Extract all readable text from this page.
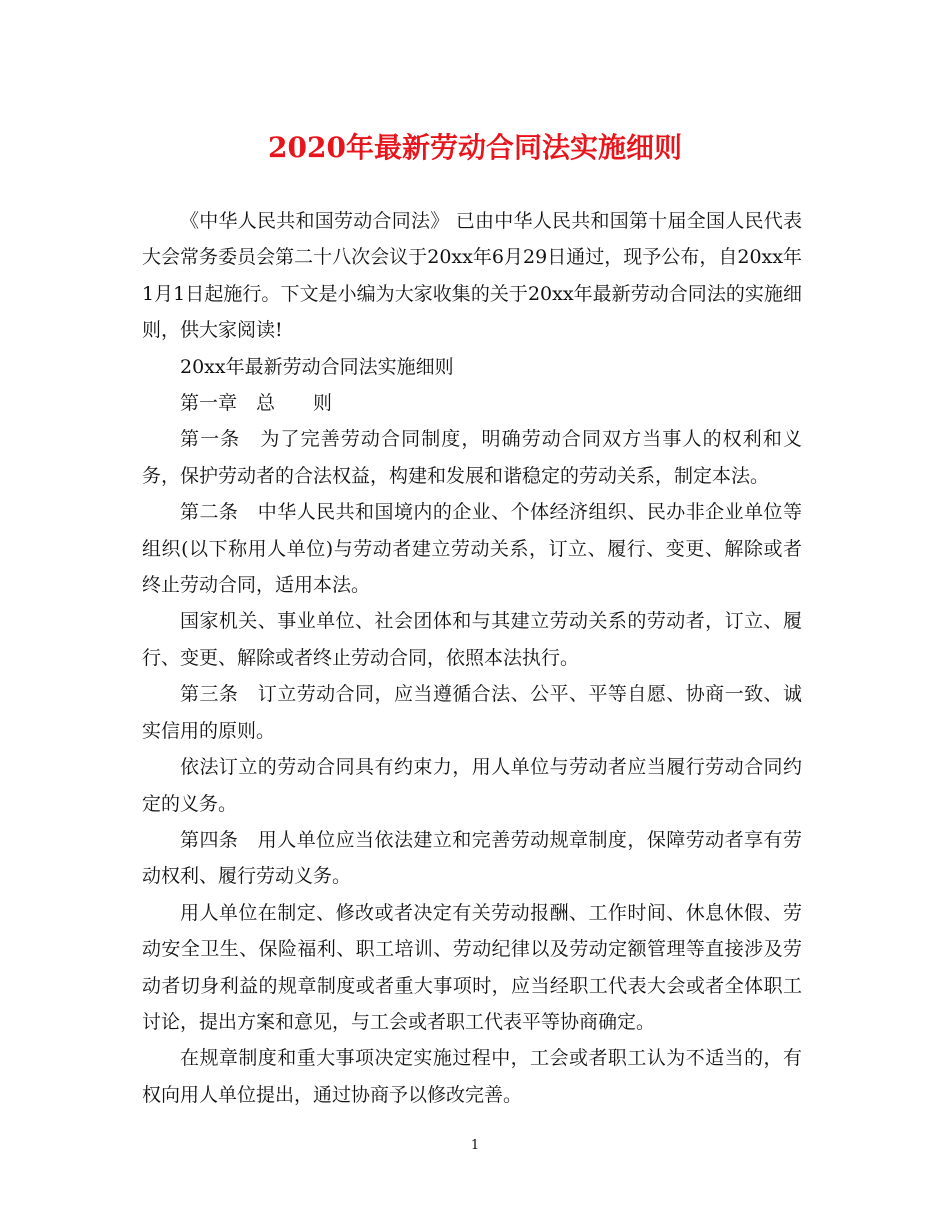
2020年最新劳动合同法实施细则

《中华人民共和国劳动合同法》 已由中华人民共和国第十届全国人民代表大会常务委员会第二十八次会议于20xx年6月29日通过，现予公布，自20xx年1月1日起施行。下文是小编为大家收集的关于20xx年最新劳动合同法的实施细则，供大家阅读!

20xx年最新劳动合同法实施细则

第一章　总　　则

第一条　为了完善劳动合同制度，明确劳动合同双方当事人的权利和义务，保护劳动者的合法权益，构建和发展和谐稳定的劳动关系，制定本法。

第二条　中华人民共和国境内的企业、个体经济组织、民办非企业单位等组织(以下称用人单位)与劳动者建立劳动关系，订立、履行、变更、解除或者终止劳动合同，适用本法。

国家机关、事业单位、社会团体和与其建立劳动关系的劳动者，订立、履行、变更、解除或者终止劳动合同，依照本法执行。

第三条　订立劳动合同，应当遵循合法、公平、平等自愿、协商一致、诚实信用的原则。

依法订立的劳动合同具有约束力，用人单位与劳动者应当履行劳动合同约定的义务。

第四条　用人单位应当依法建立和完善劳动规章制度，保障劳动者享有劳动权利、履行劳动义务。

用人单位在制定、修改或者决定有关劳动报酬、工作时间、休息休假、劳动安全卫生、保险福利、职工培训、劳动纪律以及劳动定额管理等直接涉及劳动者切身利益的规章制度或者重大事项时，应当经职工代表大会或者全体职工讨论，提出方案和意见，与工会或者职工代表平等协商确定。

在规章制度和重大事项决定实施过程中，工会或者职工认为不适当的，有权向用人单位提出，通过协商予以修改完善。

1
